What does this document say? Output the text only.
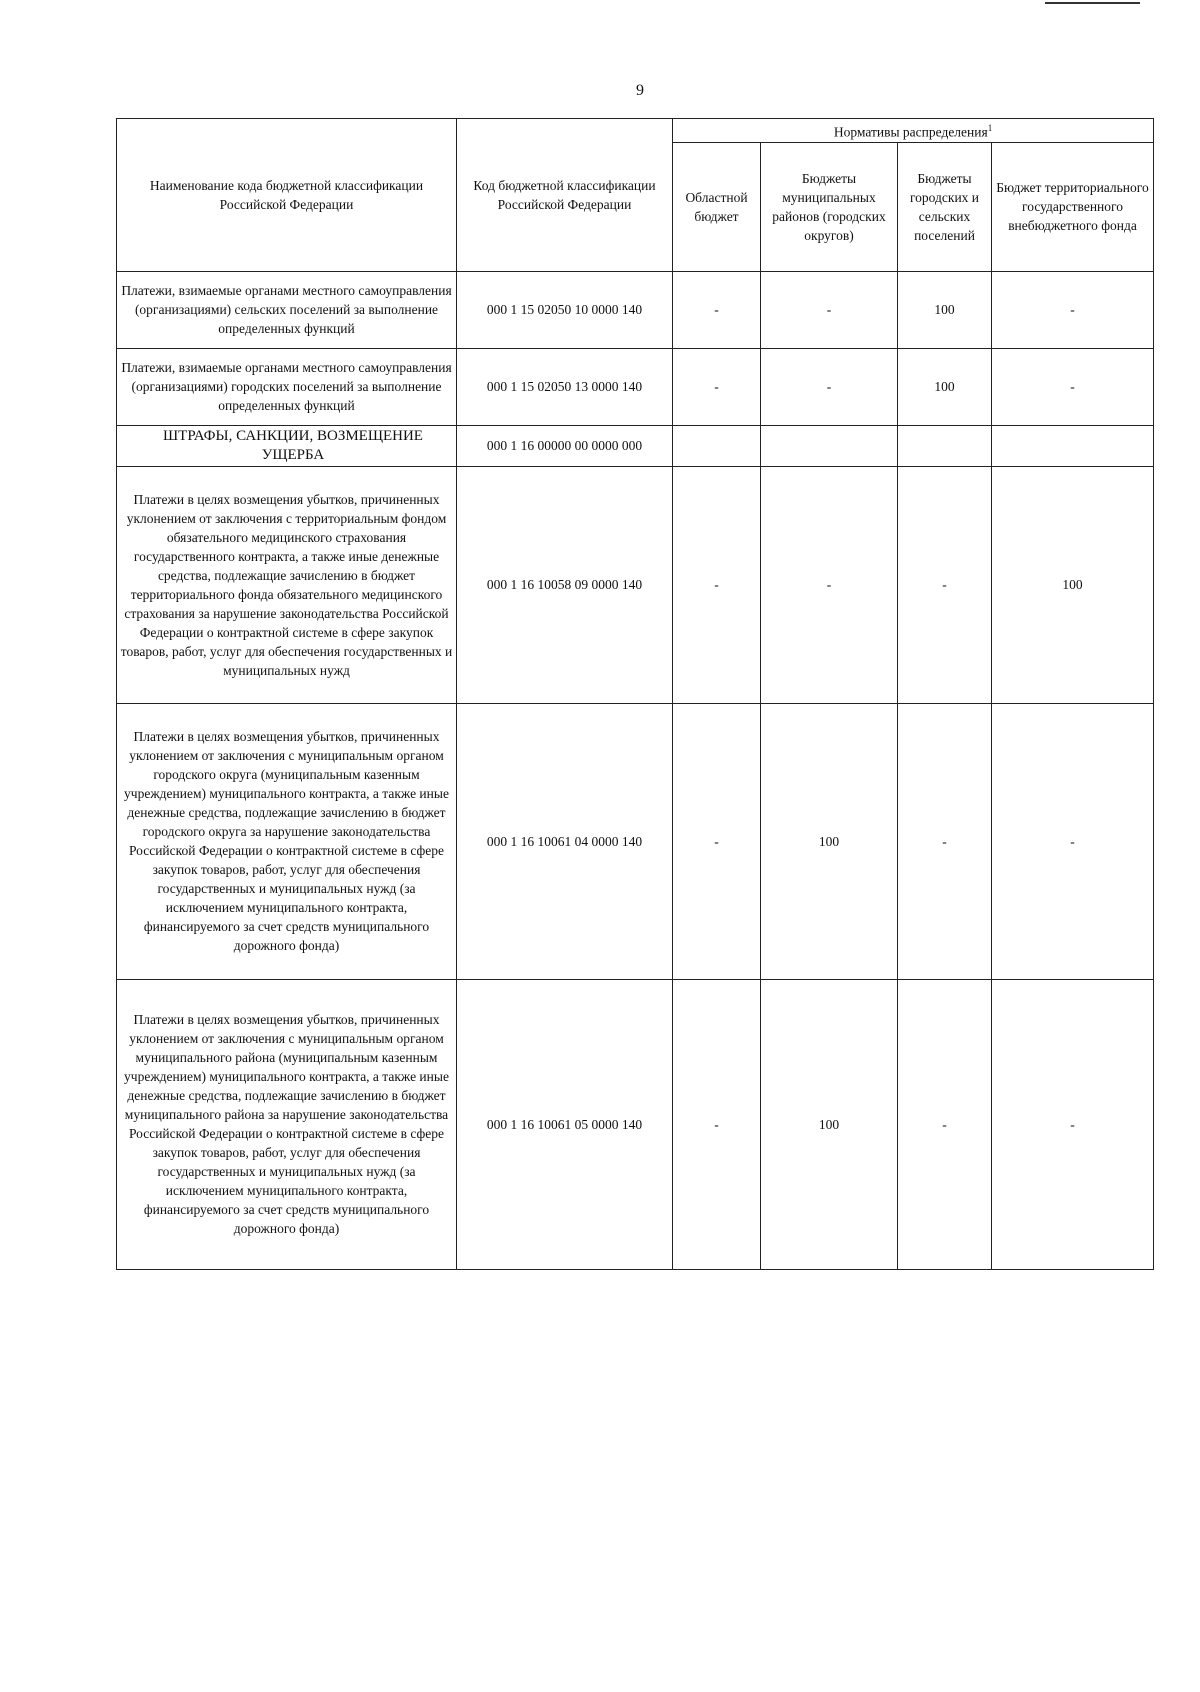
9
Наименование кода бюджетной классификации Российской Федерации	Код бюджетной классификации Российской Федерации	Нормативы распределения$^1$
		Областной бюджет	Бюджеты муниципальных районов (городских округов)	Бюджеты городских и сельских поселений	Бюджет территориального государственного внебюджетного фонда
Платежи, взимаемые органами местного самоуправления (организациями) сельских поселений за выполнение определенных функций	000 1 15 02050 10 0000 140	-	-	100	-
Платежи, взимаемые органами местного самоуправления (организациями) городских поселений за выполнение определенных функций	000 1 15 02050 13 0000 140	-	-	100	-
ШТРАФЫ, САНКЦИИ, ВОЗМЕЩЕНИЕ УЩЕРБА	000 1 16 00000 00 0000 000				
Платежи в целях возмещения убытков, причиненных уклонением от заключения с территориальным фондом обязательного медицинского страхования государственного контракта, а также иные денежные средства, подлежащие зачислению в бюджет территориального фонда обязательного медицинского страхования за нарушение законодательства Российской Федерации о контрактной системе в сфере закупок товаров, работ, услуг для обеспечения государственных и муниципальных нужд	000 1 16 10058 09 0000 140	-	-	-	100
Платежи в целях возмещения убытков, причиненных уклонением от заключения с муниципальным органом городского округа (муниципальным казенным учреждением) муниципального контракта, а также иные денежные средства, подлежащие зачислению в бюджет городского округа за нарушение законодательства Российской Федерации о контрактной системе в сфере закупок товаров, работ, услуг для обеспечения государственных и муниципальных нужд (за исключением муниципального контракта, финансируемого за счет средств муниципального дорожного фонда)	000 1 16 10061 04 0000 140	-	100	-	-
Платежи в целях возмещения убытков, причиненных уклонением от заключения с муниципальным органом муниципального района (муниципальным казенным учреждением) муниципального контракта, а также иные денежные средства, подлежащие зачислению в бюджет муниципального района за нарушение законодательства Российской Федерации о контрактной системе в сфере закупок товаров, работ, услуг для обеспечения государственных и муниципальных нужд (за исключением муниципального контракта, финансируемого за счет средств муниципального дорожного фонда)	000 1 16 10061 05 0000 140	-	100	-	-
